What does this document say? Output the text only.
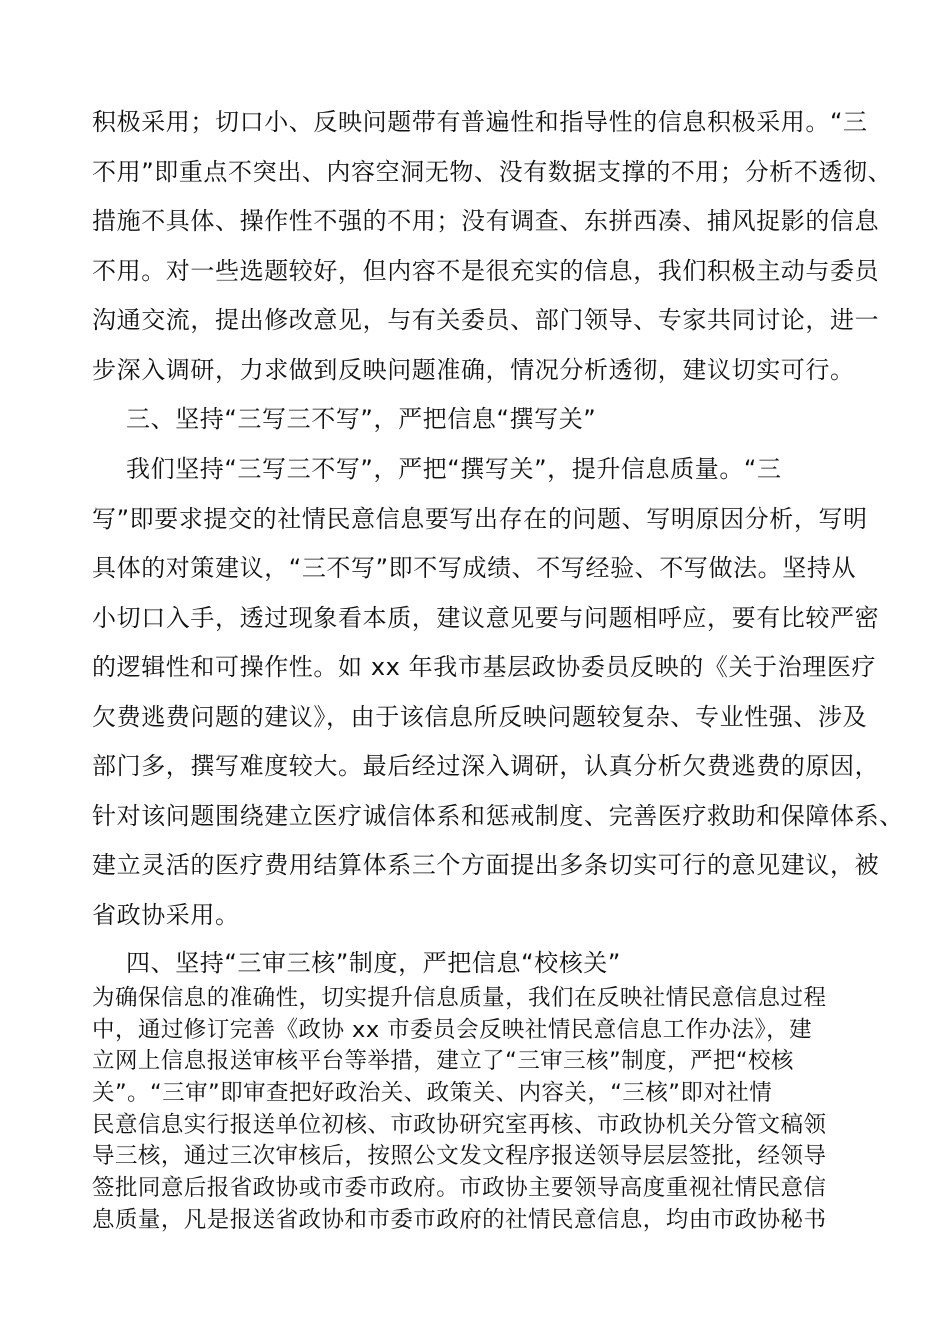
积极采用；切口小、反映问题带有普遍性和指导性的信息积极采用。“三
不用”即重点不突出、内容空洞无物、没有数据支撑的不用；分析不透彻、
措施不具体、操作性不强的不用；没有调查、东拼西凑、捕风捉影的信息
不用。对一些选题较好，但内容不是很充实的信息，我们积极主动与委员
沟通交流，提出修改意见，与有关委员、部门领导、专家共同讨论，进一
步深入调研，力求做到反映问题准确，情况分析透彻，建议切实可行。
三、坚持“三写三不写”，严把信息“撰写关”
我们坚持“三写三不写”，严把“撰写关”，提升信息质量。“三
写”即要求提交的社情民意信息要写出存在的问题、写明原因分析，写明
具体的对策建议，“三不写”即不写成绩、不写经验、不写做法。坚持从
小切口入手，透过现象看本质，建议意见要与问题相呼应，要有比较严密
的逻辑性和可操作性。如 xx 年我市基层政协委员反映的《关于治理医疗
欠费逃费问题的建议》，由于该信息所反映问题较复杂、专业性强、涉及
部门多，撰写难度较大。最后经过深入调研，认真分析欠费逃费的原因，
针对该问题围绕建立医疗诚信体系和惩戒制度、完善医疗救助和保障体系、
建立灵活的医疗费用结算体系三个方面提出多条切实可行的意见建议，被
省政协采用。
四、坚持“三审三核”制度，严把信息“校核关”
为确保信息的准确性，切实提升信息质量，我们在反映社情民意信息过程
中，通过修订完善《政协 xx 市委员会反映社情民意信息工作办法》，建
立网上信息报送审核平台等举措，建立了“三审三核”制度，严把“校核
关”。“三审”即审查把好政治关、政策关、内容关，“三核”即对社情
民意信息实行报送单位初核、市政协研究室再核、市政协机关分管文稿领
导三核，通过三次审核后，按照公文发文程序报送领导层层签批，经领导
签批同意后报省政协或市委市政府。市政协主要领导高度重视社情民意信
息质量，凡是报送省政协和市委市政府的社情民意信息，均由市政协秘书
